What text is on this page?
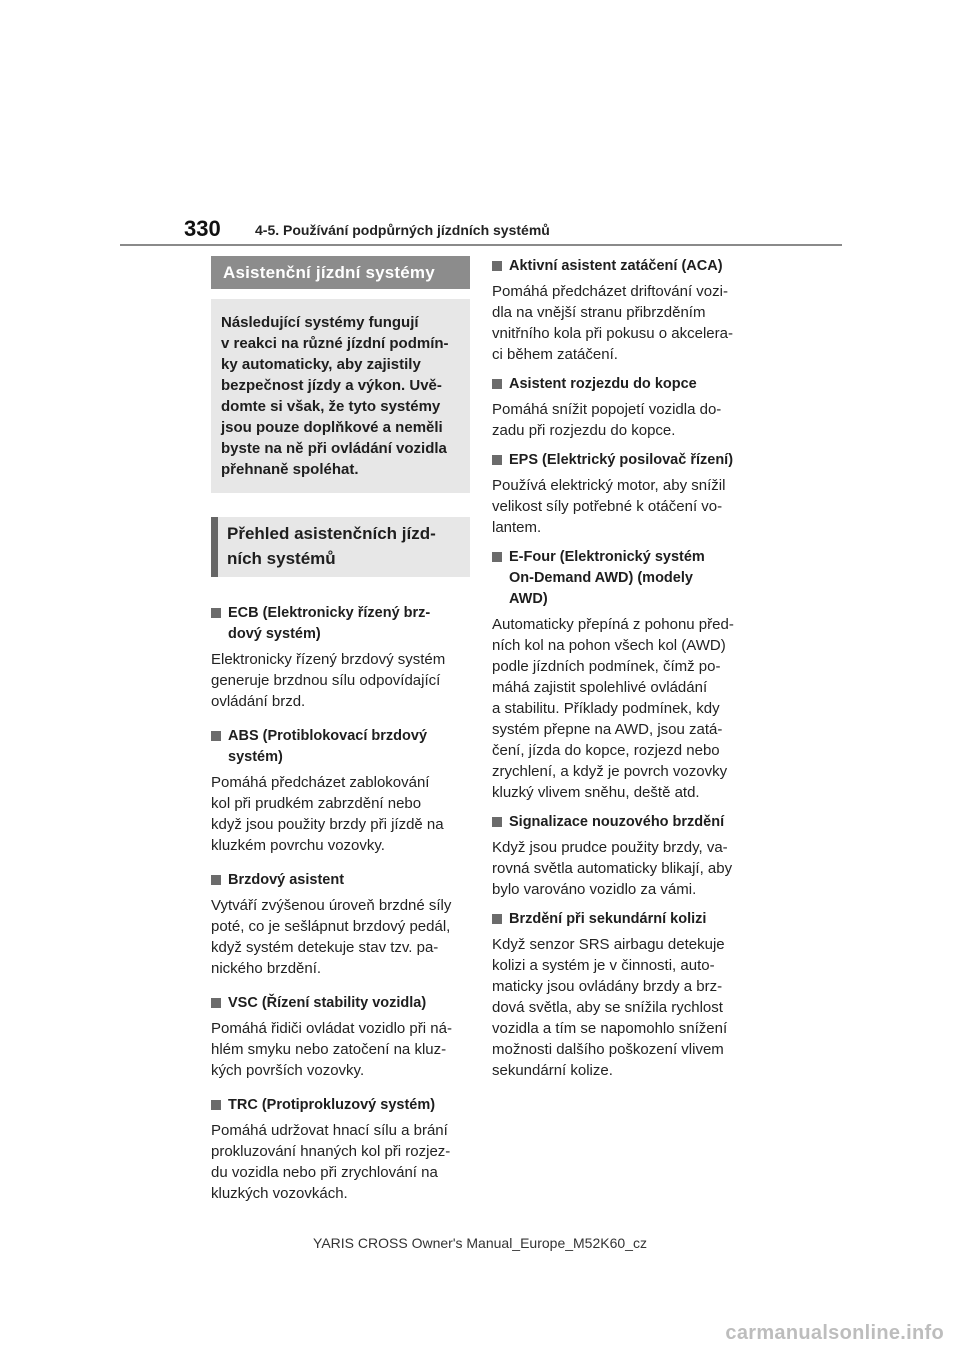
330 4-5. Používání podpůrných jízdních systémů
Asistenční jízdní systémy
Následující systémy fungují
v reakci na různé jízdní podmín-
ky automaticky, aby zajistily
bezpečnost jízdy a výkon. Uvě-
domte si však, že tyto systémy
jsou pouze doplňkové a neměli
byste na ně při ovládání vozidla
přehnaně spoléhat.
Přehled asistenčních jízd-
ních systémů
ECB (Elektronicky řízený brz-
dový systém)
Elektronicky řízený brzdový systém
generuje brzdnou sílu odpovídající
ovládání brzd.
ABS (Protiblokovací brzdový
systém)
Pomáhá předcházet zablokování
kol při prudkém zabrzdění nebo
když jsou použity brzdy při jízdě na
kluzkém povrchu vozovky.
Brzdový asistent
Vytváří zvýšenou úroveň brzdné síly
poté, co je sešlápnut brzdový pedál,
když systém detekuje stav tzv. pa-
nického brzdění.
VSC (Řízení stability vozidla)
Pomáhá řidiči ovládat vozidlo při ná-
hlém smyku nebo zatočení na kluz-
kých površích vozovky.
TRC (Protiprokluzový systém)
Pomáhá udržovat hnací sílu a brání
prokluzování hnaných kol při rozjez-
du vozidla nebo při zrychlování na
kluzkých vozovkách.
Aktivní asistent zatáčení (ACA)
Pomáhá předcházet driftování vozi-
dla na vnější stranu přibrzděním
vnitřního kola při pokusu o akcelera-
ci během zatáčení.
Asistent rozjezdu do kopce
Pomáhá snížit popojetí vozidla do-
zadu při rozjezdu do kopce.
EPS (Elektrický posilovač řízení)
Používá elektrický motor, aby snížil
velikost síly potřebné k otáčení vo-
lantem.
E-Four (Elektronický systém
On-Demand AWD) (modely
AWD)
Automaticky přepíná z pohonu před-
ních kol na pohon všech kol (AWD)
podle jízdních podmínek, čímž po-
máhá zajistit spolehlivé ovládání
a stabilitu. Příklady podmínek, kdy
systém přepne na AWD, jsou zatá-
čení, jízda do kopce, rozjezd nebo
zrychlení, a když je povrch vozovky
kluzký vlivem sněhu, deště atd.
Signalizace nouzového brzdění
Když jsou prudce použity brzdy, va-
rovná světla automaticky blikají, aby
bylo varováno vozidlo za vámi.
Brzdění při sekundární kolizi
Když senzor SRS airbagu detekuje
kolizi a systém je v činnosti, auto-
maticky jsou ovládány brzdy a brz-
dová světla, aby se snížila rychlost
vozidla a tím se napomohlo snížení
možnosti dalšího poškození vlivem
sekundární kolize.
YARIS CROSS Owner's Manual_Europe_M52K60_cz
carmanualsonline.info
